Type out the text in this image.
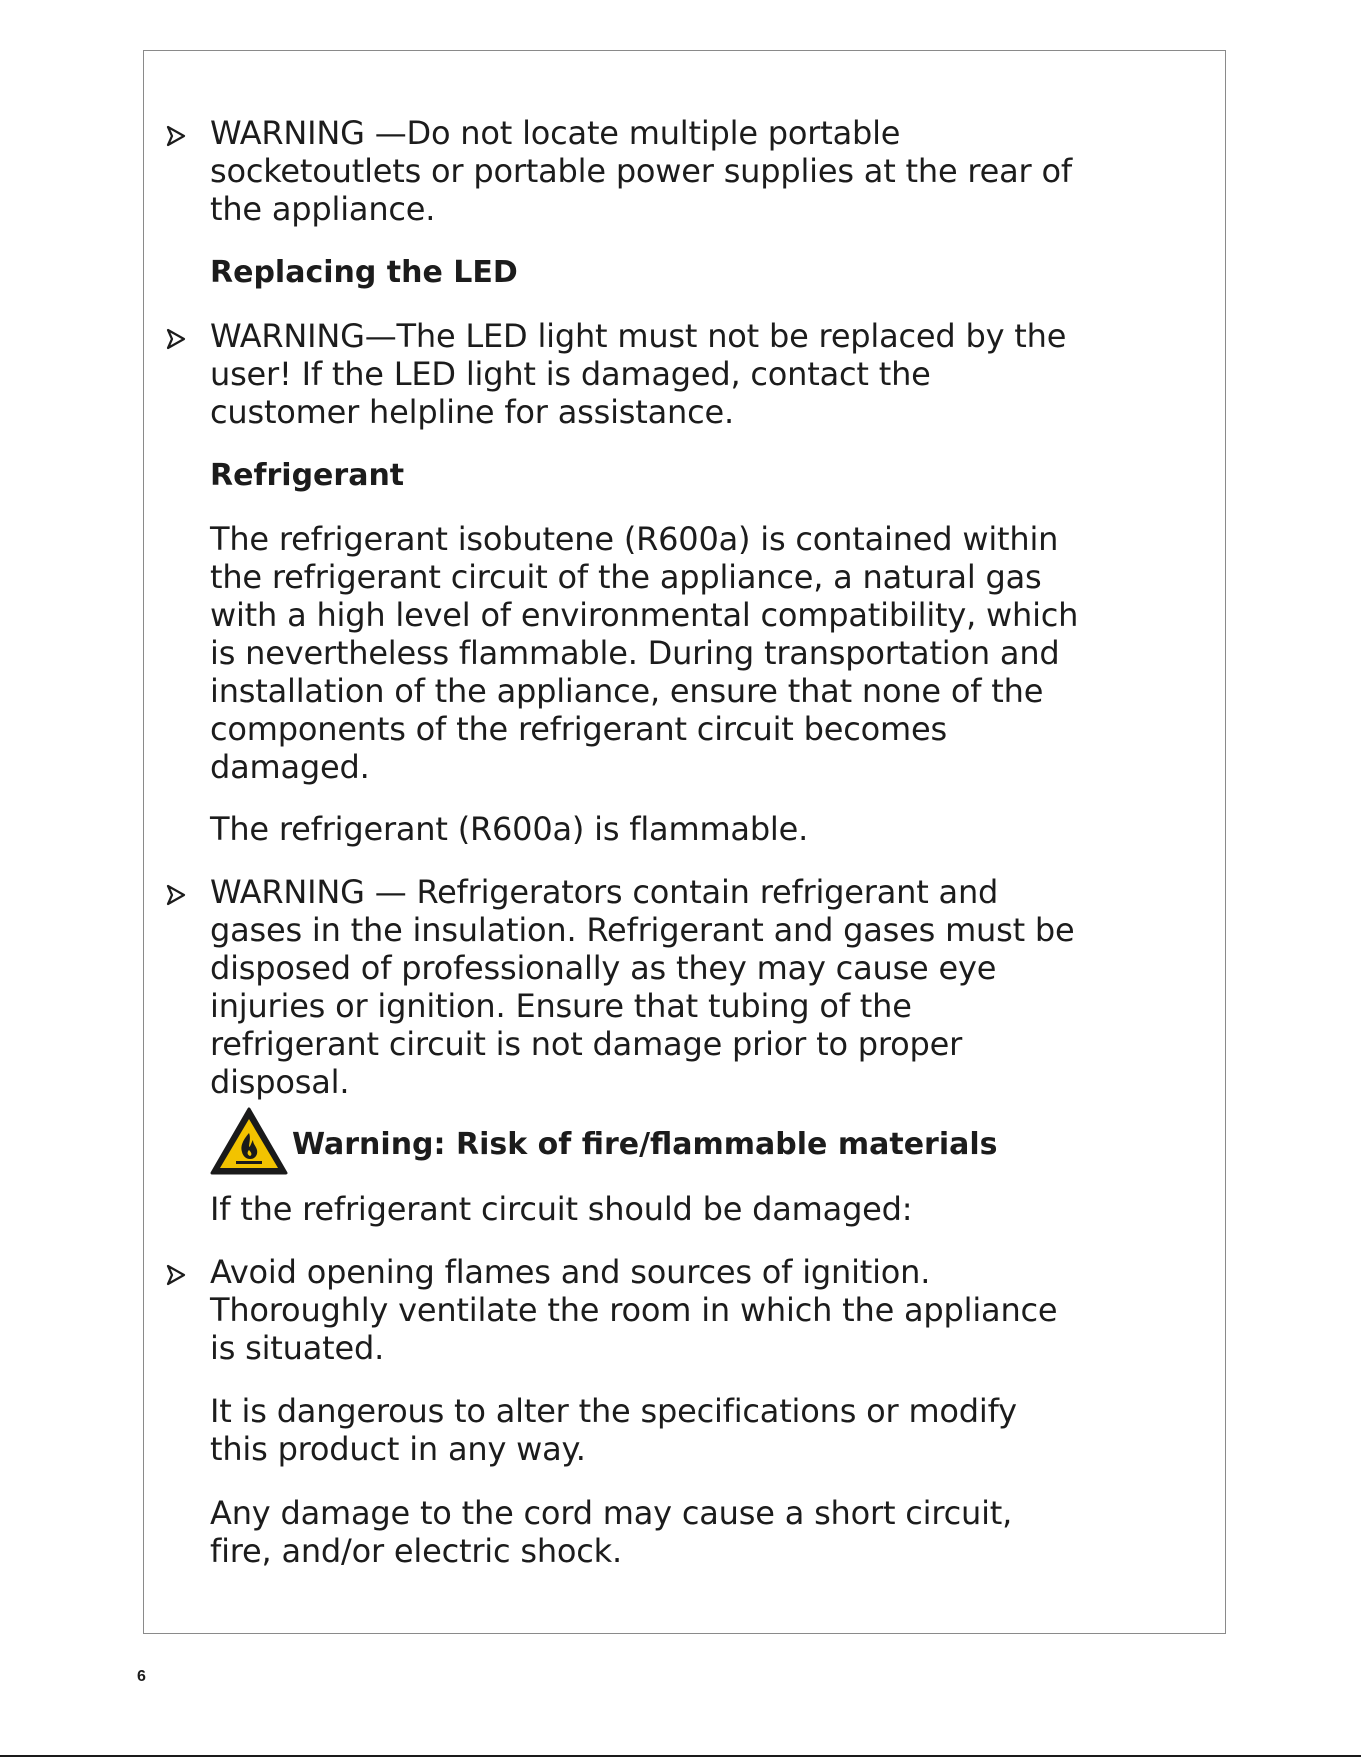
WARNING —Do not locate multiple portable
socketoutlets or portable power supplies at the rear of
the appliance.
Replacing the LED
WARNING—The LED light must not be replaced by the
user! If the LED light is damaged, contact the
customer helpline for assistance.
Refrigerant
The refrigerant isobutene (R600a) is contained within
the refrigerant circuit of the appliance, a natural gas
with a high level of environmental compatibility, which
is nevertheless flammable. During transportation and
installation of the appliance, ensure that none of the
components of the refrigerant circuit becomes
damaged.
The refrigerant (R600a) is flammable.
WARNING — Refrigerators contain refrigerant and
gases in the insulation. Refrigerant and gases must be
disposed of professionally as they may cause eye
injuries or ignition. Ensure that tubing of the
refrigerant circuit is not damage prior to proper
disposal.
Warning: Risk of fire/flammable materials
If the refrigerant circuit should be damaged:
Avoid opening flames and sources of ignition.
Thoroughly ventilate the room in which the appliance
is situated.
It is dangerous to alter the specifications or modify
this product in any way.
Any damage to the cord may cause a short circuit,
fire, and/or electric shock.
6
